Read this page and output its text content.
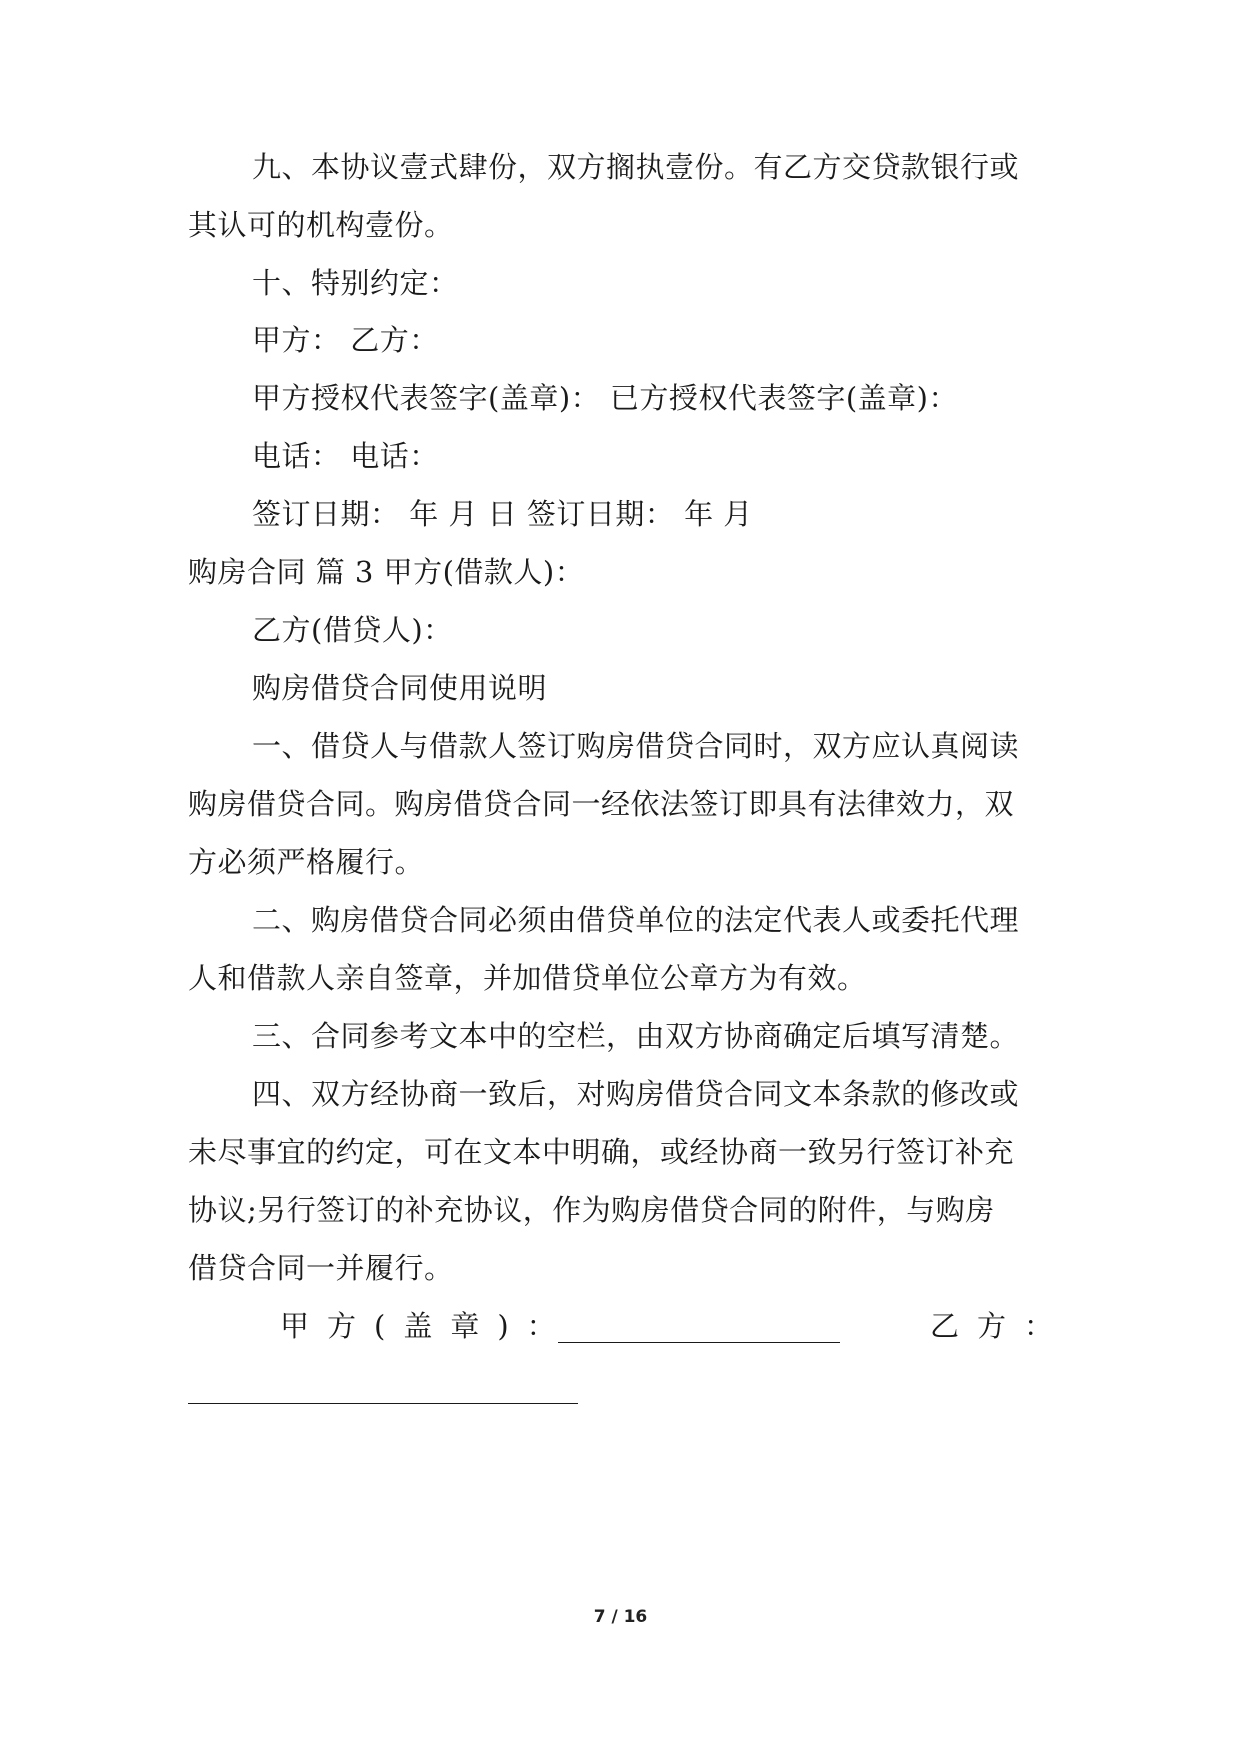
九、本协议壹式肆份，双方搁执壹份。有乙方交贷款银行或
其认可的机构壹份。
十、特别约定：
甲方： 乙方：
甲方授权代表签字(盖章)： 已方授权代表签字(盖章)：
电话： 电话：
签订日期： 年 月 日 签订日期： 年 月
购房合同 篇 3 甲方(借款人)：
乙方(借贷人)：
购房借贷合同使用说明
一、借贷人与借款人签订购房借贷合同时，双方应认真阅读
购房借贷合同。购房借贷合同一经依法签订即具有法律效力，双
方必须严格履行。
二、购房借贷合同必须由借贷单位的法定代表人或委托代理
人和借款人亲自签章，并加借贷单位公章方为有效。
三、合同参考文本中的空栏，由双方协商确定后填写清楚。
四、双方经协商一致后，对购房借贷合同文本条款的修改或
未尽事宜的约定，可在文本中明确，或经协商一致另行签订补充
协议;另行签订的补充协议，作为购房借贷合同的附件，与购房
借贷合同一并履行。
甲方(盖章)：	乙方：
7 / 16
